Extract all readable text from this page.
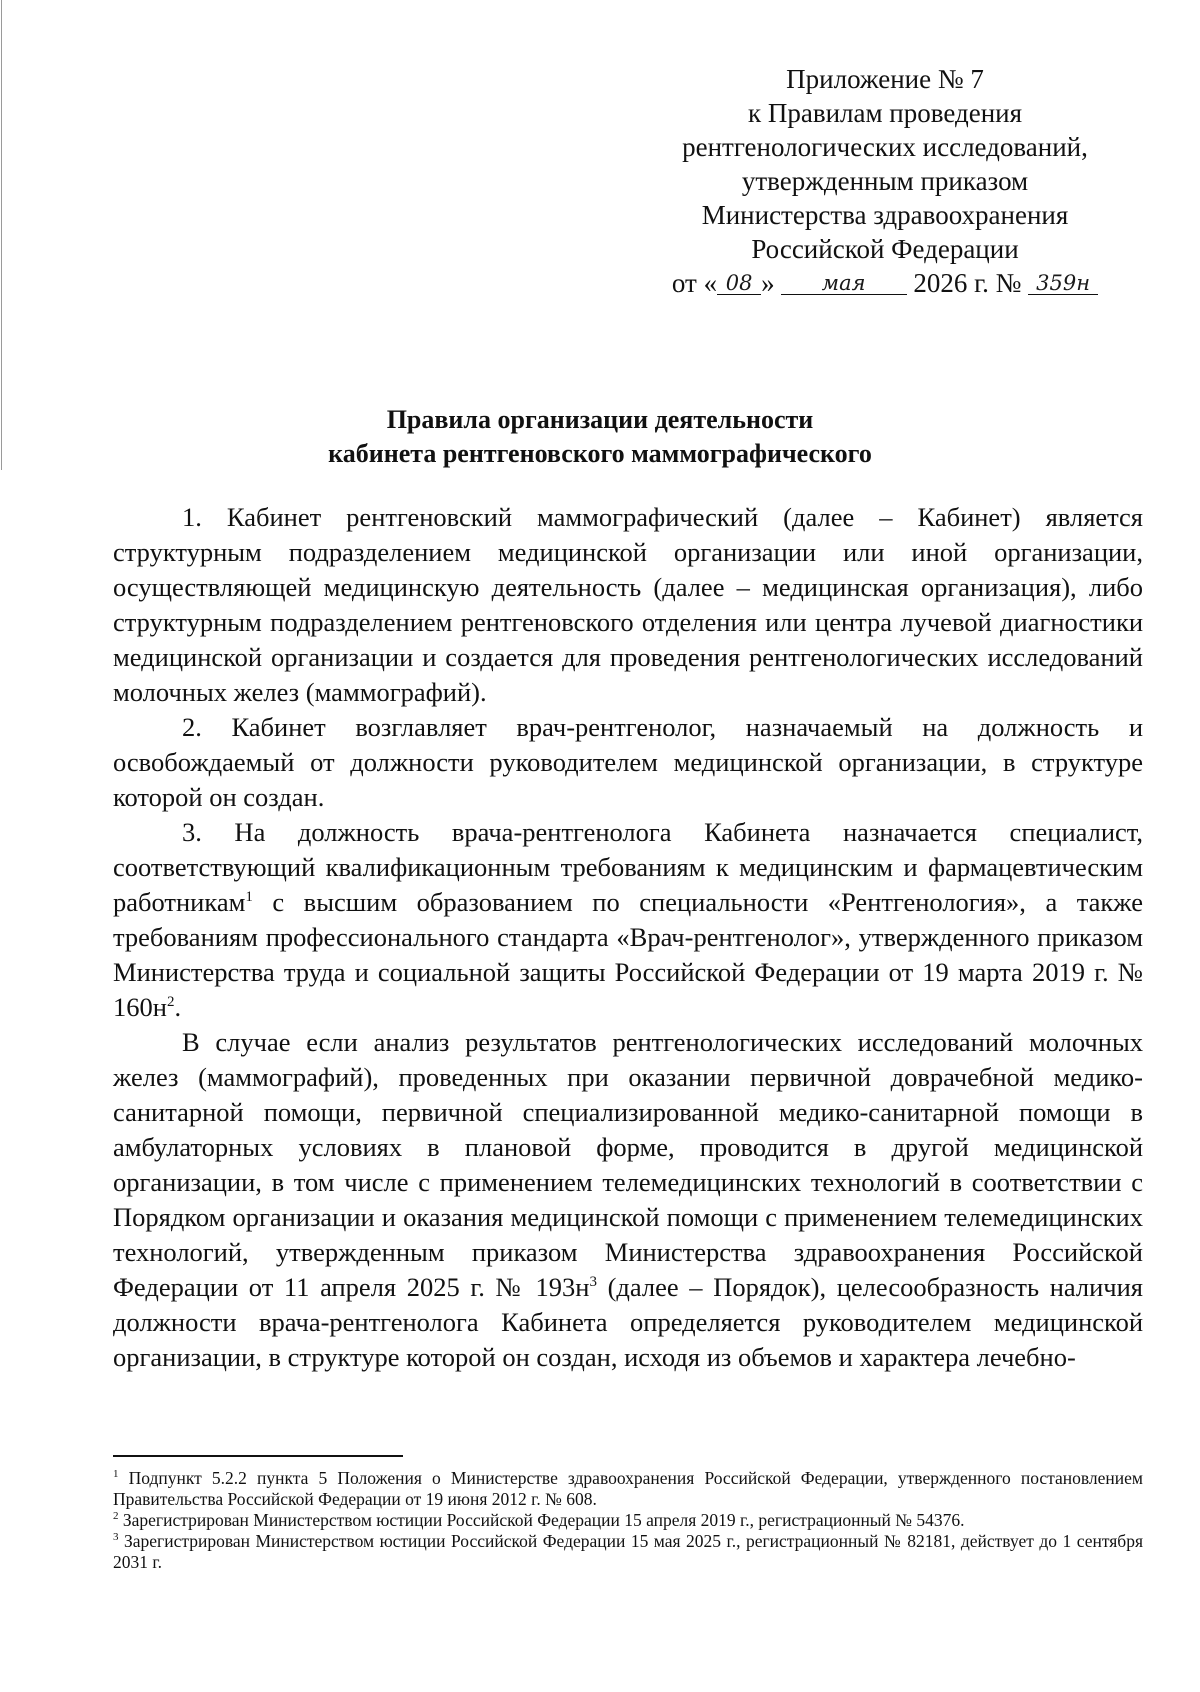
Приложение № 7
к Правилам проведения
рентгенологических исследований,
утвержденным приказом
Министерства здравоохранения
Российской Федерации
от « 08 » мая 2026 г. № 359н
Правила организации деятельности
кабинета рентгеновского маммографического

1. Кабинет рентгеновский маммографический (далее – Кабинет) является структурным подразделением медицинской организации или иной организации, осуществляющей медицинскую деятельность (далее – медицинская организация), либо структурным подразделением рентгеновского отделения или центра лучевой диагностики медицинской организации и создается для проведения рентгенологических исследований молочных желез (маммографий).

2. Кабинет возглавляет врач-рентгенолог, назначаемый на должность и освобождаемый от должности руководителем медицинской организации, в структуре которой он создан.

3. На должность врача-рентгенолога Кабинета назначается специалист, соответствующий квалификационным требованиям к медицинским и фармацевтическим работникам$^1$ с высшим образованием по специальности «Рентгенология», а также требованиям профессионального стандарта «Врач-рентгенолог», утвержденного приказом Министерства труда и социальной защиты Российской Федерации от 19 марта 2019 г. № $160н^2$.

В случае если анализ результатов рентгенологических исследований молочных желез (маммографий), проведенных при оказании первичной доврачебной медико-санитарной помощи, первичной специализированной медико-санитарной помощи в амбулаторных условиях в плановой форме, проводится в другой медицинской организации, в том числе с применением телемедицинских технологий в соответствии с Порядком организации и оказания медицинской помощи с применением телемедицинских технологий, утвержденным приказом Министерства здравоохранения Российской Федерации от 11 апреля 2025 г. № $193н^3$ (далее – Порядок), целесообразность наличия должности врача-рентгенолога Кабинета определяется руководителем медицинской организации, в структуре которой он создан, исходя из объемов и характера лечебно-

$^1$ Подпункт 5.2.2 пункта 5 Положения о Министерстве здравоохранения Российской Федерации, утвержденного постановлением Правительства Российской Федерации от 19 июня 2012 г. № 608.
$^2$ Зарегистрирован Министерством юстиции Российской Федерации 15 апреля 2019 г., регистрационный № 54376.
$^3$ Зарегистрирован Министерством юстиции Российской Федерации 15 мая 2025 г., регистрационный № 82181, действует до 1 сентября 2031 г.
